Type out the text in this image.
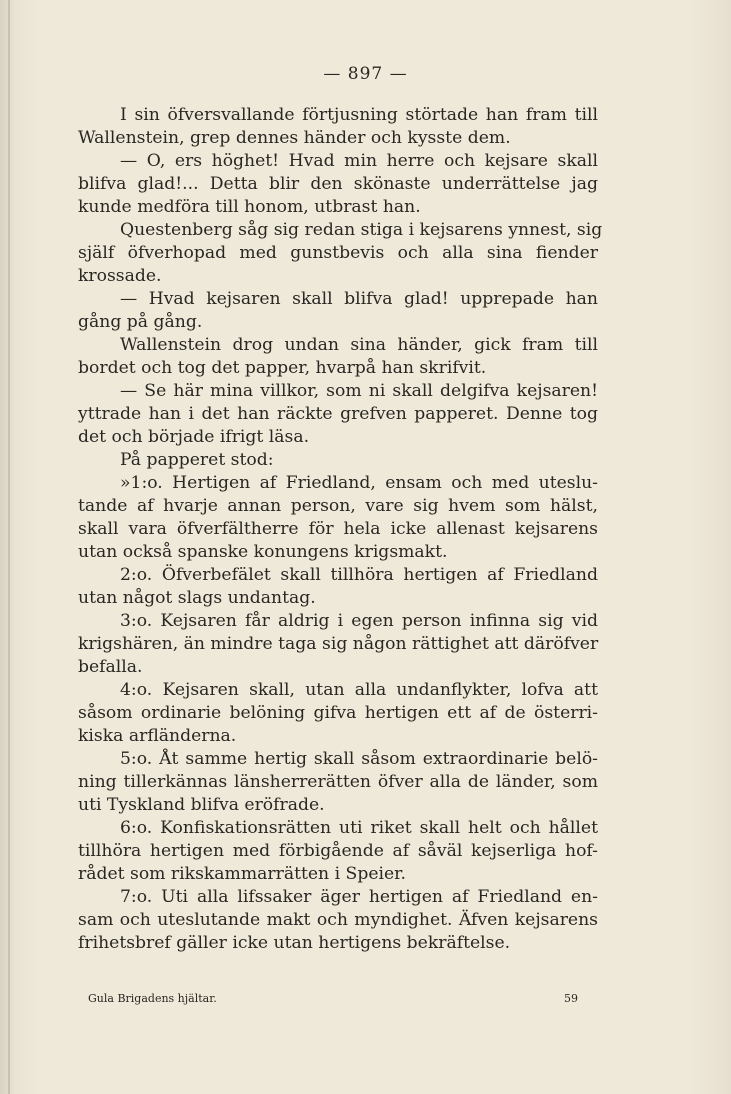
— 897 —
I sin öfversvallande förtjusning störtade han fram till
Wallenstein, grep dennes händer och kysste dem.
— O, ers höghet! Hvad min herre och kejsare skall
blifva glad!... Detta blir den skönaste underrättelse jag
kunde medföra till honom, utbrast han.
Questenberg såg sig redan stiga i kejsarens ynnest, sig
själf öfverhopad med gunstbevis och alla sina fiender
krossade.
— Hvad kejsaren skall blifva glad! upprepade han
gång på gång.
Wallenstein drog undan sina händer, gick fram till
bordet och tog det papper, hvarpå han skrifvit.
— Se här mina villkor, som ni skall delgifva kejsaren!
yttrade han i det han räckte grefven papperet. Denne tog
det och började ifrigt läsa.
På papperet stod:
»1:o. Hertigen af Friedland, ensam och med uteslu-
tande af hvarje annan person, vare sig hvem som hälst,
skall vara öfverfältherre för hela icke allenast kejsarens
utan också spanske konungens krigsmakt.
2:o. Öfverbefälet skall tillhöra hertigen af Friedland
utan något slags undantag.
3:o. Kejsaren får aldrig i egen person infinna sig vid
krigshären, än mindre taga sig någon rättighet att däröfver
befalla.
4:o. Kejsaren skall, utan alla undanflykter, lofva att
såsom ordinarie belöning gifva hertigen ett af de österri-
kiska arfländerna.
5:o. Åt samme hertig skall såsom extraordinarie belö-
ning tillerkännas länsherrerätten öfver alla de länder, som
uti Tyskland blifva eröfrade.
6:o. Konfiskationsrätten uti riket skall helt och hållet
tillhöra hertigen med förbigående af såväl kejserliga hof-
rådet som rikskammarrätten i Speier.
7:o. Uti alla lifssaker äger hertigen af Friedland en-
sam och uteslutande makt och myndighet. Äfven kejsarens
frihetsbref gäller icke utan hertigens bekräftelse.
Gula Brigadens hjältar.	59
